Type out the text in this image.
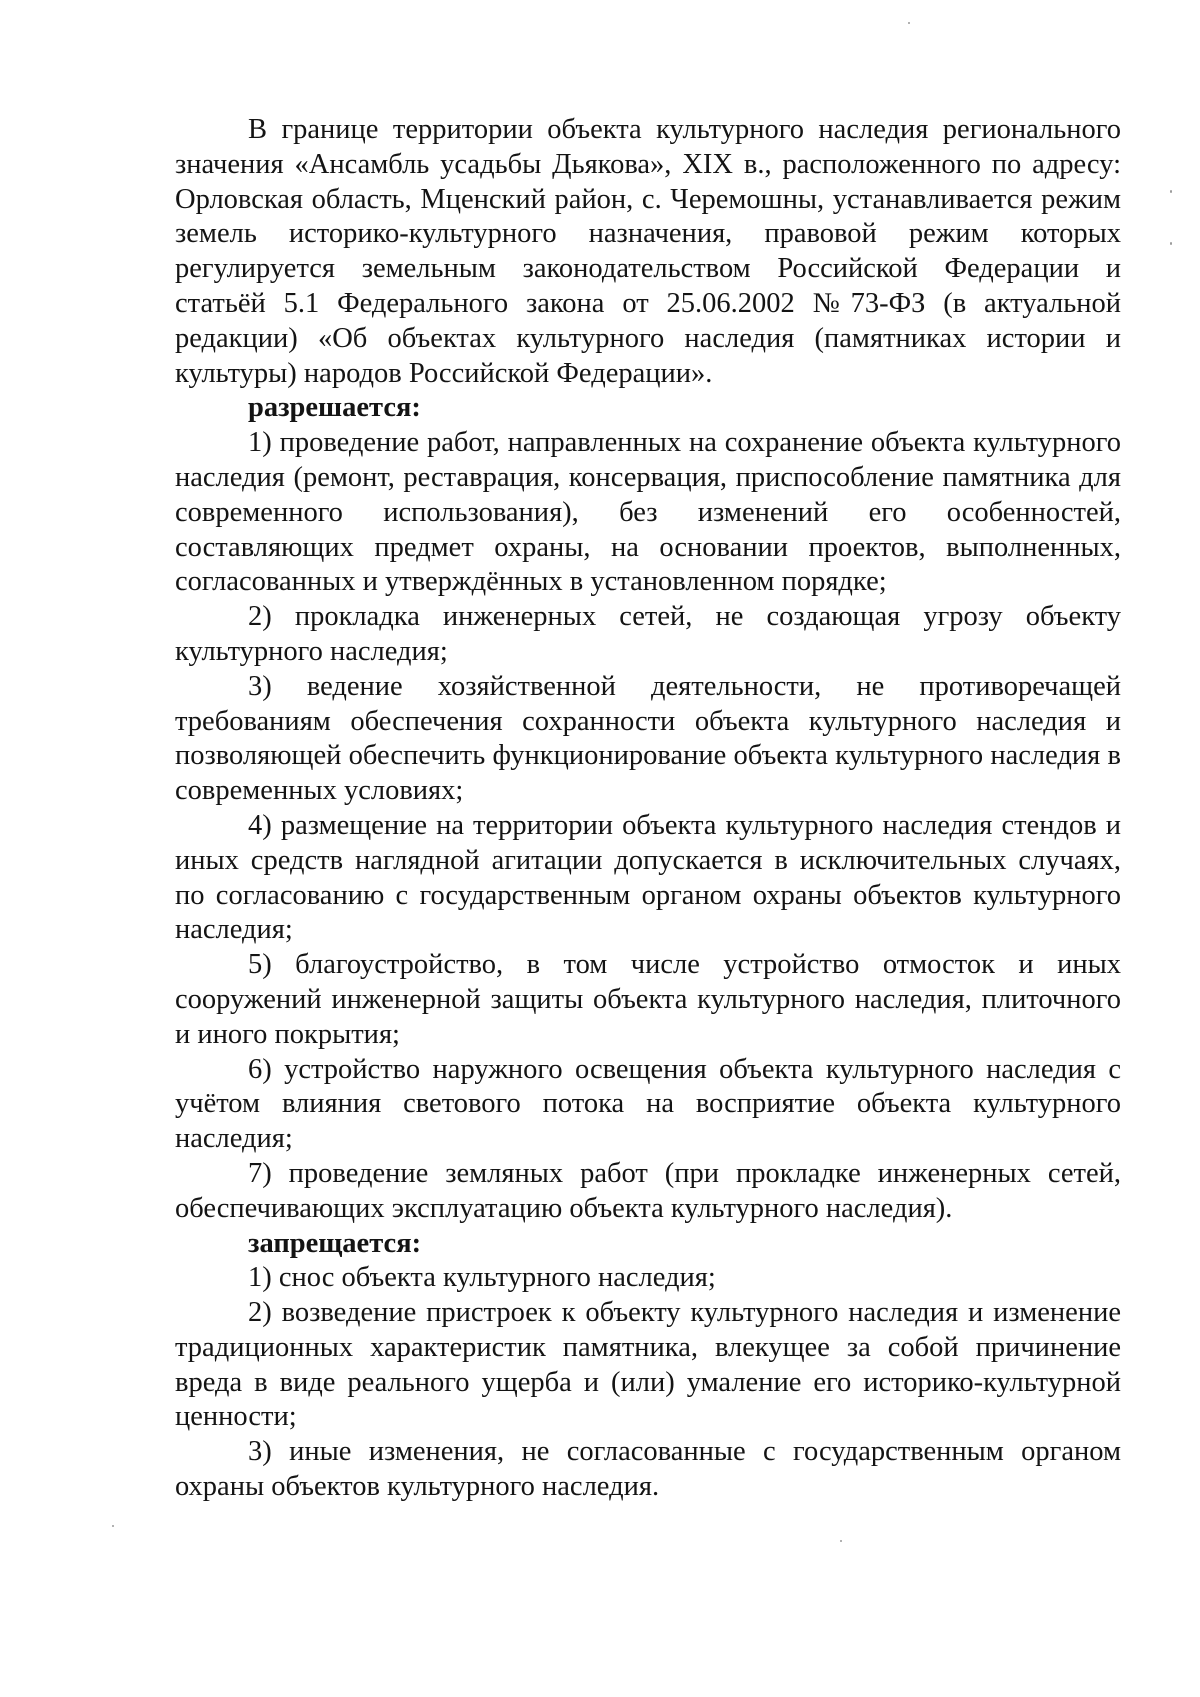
В границе территории объекта культурного наследия регионального значения «Ансамбль усадьбы Дьякова», XIX в., расположенного по адресу: Орловская область, Мценский район, с. Черемошны, устанавливается режим земель историко-культурного назначения, правовой режим которых регулируется земельным законодательством Российской Федерации и статьёй 5.1 Федерального закона от 25.06.2002 №73-ФЗ (в актуальной редакции) «Об объектах культурного наследия (памятниках истории и культуры) народов Российской Федерации».

разрешается:

1) проведение работ, направленных на сохранение объекта культурного наследия (ремонт, реставрация, консервация, приспособление памятника для современного использования), без изменений его особенностей, составляющих предмет охраны, на основании проектов, выполненных, согласованных и утверждённых в установленном порядке;

2) прокладка инженерных сетей, не создающая угрозу объекту культурного наследия;

3) ведение хозяйственной деятельности, не противоречащей требованиям обеспечения сохранности объекта культурного наследия и позволяющей обеспечить функционирование объекта культурного наследия в современных условиях;

4) размещение на территории объекта культурного наследия стендов и иных средств наглядной агитации допускается в исключительных случаях, по согласованию с государственным органом охраны объектов культурного наследия;

5) благоустройство, в том числе устройство отмосток и иных сооружений инженерной защиты объекта культурного наследия, плиточного и иного покрытия;

6) устройство наружного освещения объекта культурного наследия с учётом влияния светового потока на восприятие объекта культурного наследия;

7) проведение земляных работ (при прокладке инженерных сетей, обеспечивающих эксплуатацию объекта культурного наследия).

запрещается:

1) снос объекта культурного наследия;

2) возведение пристроек к объекту культурного наследия и изменение традиционных характеристик памятника, влекущее за собой причинение вреда в виде реального ущерба и (или) умаление его историко-культурной ценности;

3) иные изменения, не согласованные с государственным органом охраны объектов культурного наследия.
